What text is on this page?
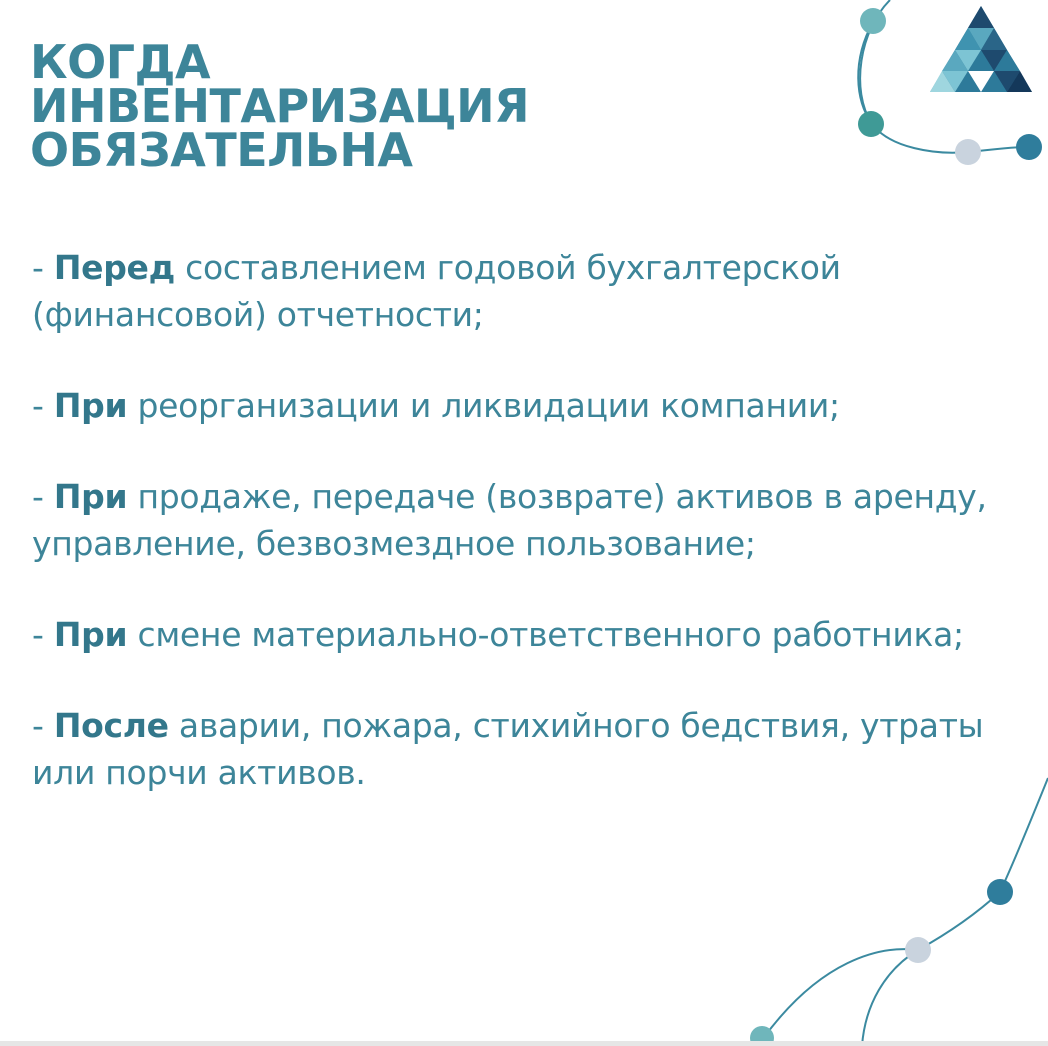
КОГДА
ИНВЕНТАРИЗАЦИЯ
ОБЯЗАТЕЛЬНА
- Перед составлением годовой бухгалтерской (финансовой) отчетности;
- При реорганизации и ликвидации компании;
- При продаже, передаче (возврате) активов в аренду, управление, безвозмездное пользование;
- При смене материально-ответственного работника;
- После аварии, пожара, стихийного бедствия, утраты или порчи активов.
